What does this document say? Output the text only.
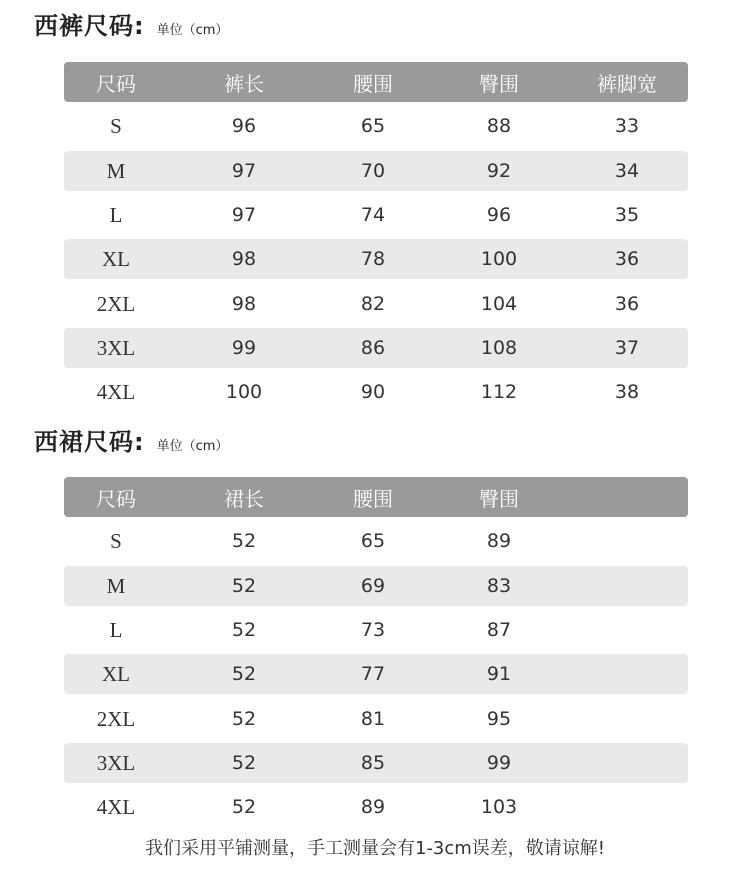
西裤尺码: 单位（cm）
尺码	裤长	腰围	臀围	裤脚宽
S	96	65	88	33
M	97	70	92	34
L	97	74	96	35
XL	98	78	100	36
2XL	98	82	104	36
3XL	99	86	108	37
4XL	100	90	112	38
西裙尺码: 单位（cm）
尺码	裙长	腰围	臀围
S	52	65	89
M	52	69	83
L	52	73	87
XL	52	77	91
2XL	52	81	95
3XL	52	85	99
4XL	52	89	103
我们采用平铺测量，手工测量会有1-3cm误差，敬请谅解!
